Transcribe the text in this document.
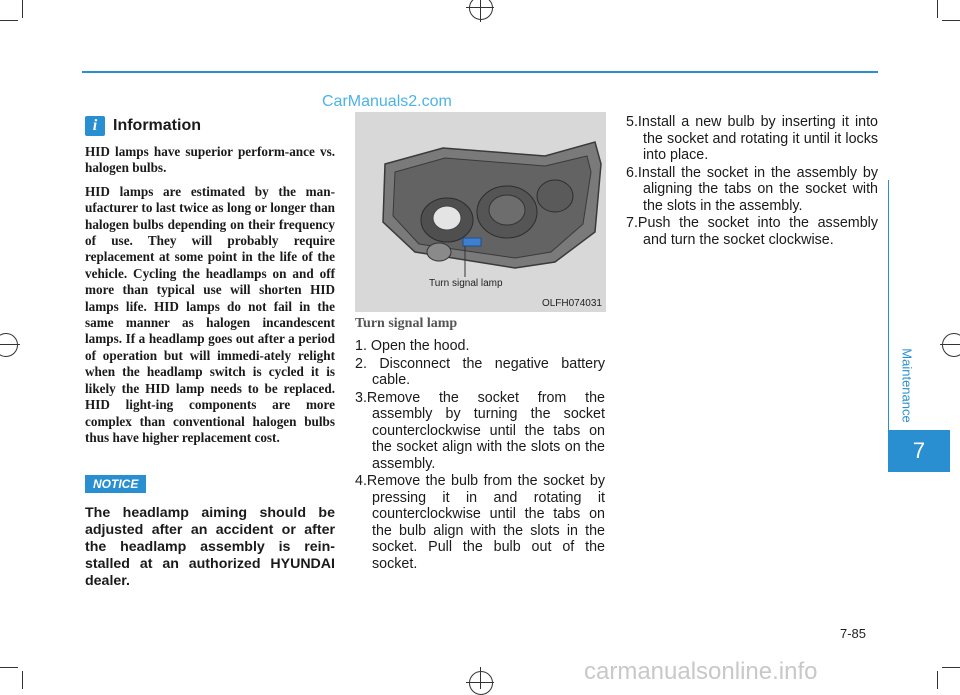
CarManuals2.com
Maintenance
7
i Information

HID lamps have superior perform-ance vs. halogen bulbs.

HID lamps are estimated by the man-ufacturer to last twice as long or longer than halogen bulbs depending on their frequency of use. They will probably require replacement at some point in the life of the vehicle. Cycling the headlamps on and off more than typical use will shorten HID lamps life. HID lamps do not fail in the same manner as halogen incandescent lamps. If a headlamp goes out after a period of operation but will immedi-ately relight when the headlamp switch is cycled it is likely the HID lamp needs to be replaced. HID light-ing components are more complex than conventional halogen bulbs thus have higher replacement cost.

NOTICE

The headlamp aiming should be adjusted after an accident or after the headlamp assembly is rein-stalled at an authorized HYUNDAI dealer.

Turn signal lamp
OLFH074031
Turn signal lamp

1. Open the hood.

2. Disconnect the negative battery cable.

3.Remove the socket from the assembly by turning the socket counterclockwise until the tabs on the socket align with the slots on the assembly.

4.Remove the bulb from the socket by pressing it in and rotating it counterclockwise until the tabs on the bulb align with the slots in the socket. Pull the bulb out of the socket.

5.Install a new bulb by inserting it into the socket and rotating it until it locks into place.

6.Install the socket in the assembly by aligning the tabs on the socket with the slots in the assembly.

7.Push the socket into the assembly and turn the socket clockwise.

7-85
carmanualsonline.info
